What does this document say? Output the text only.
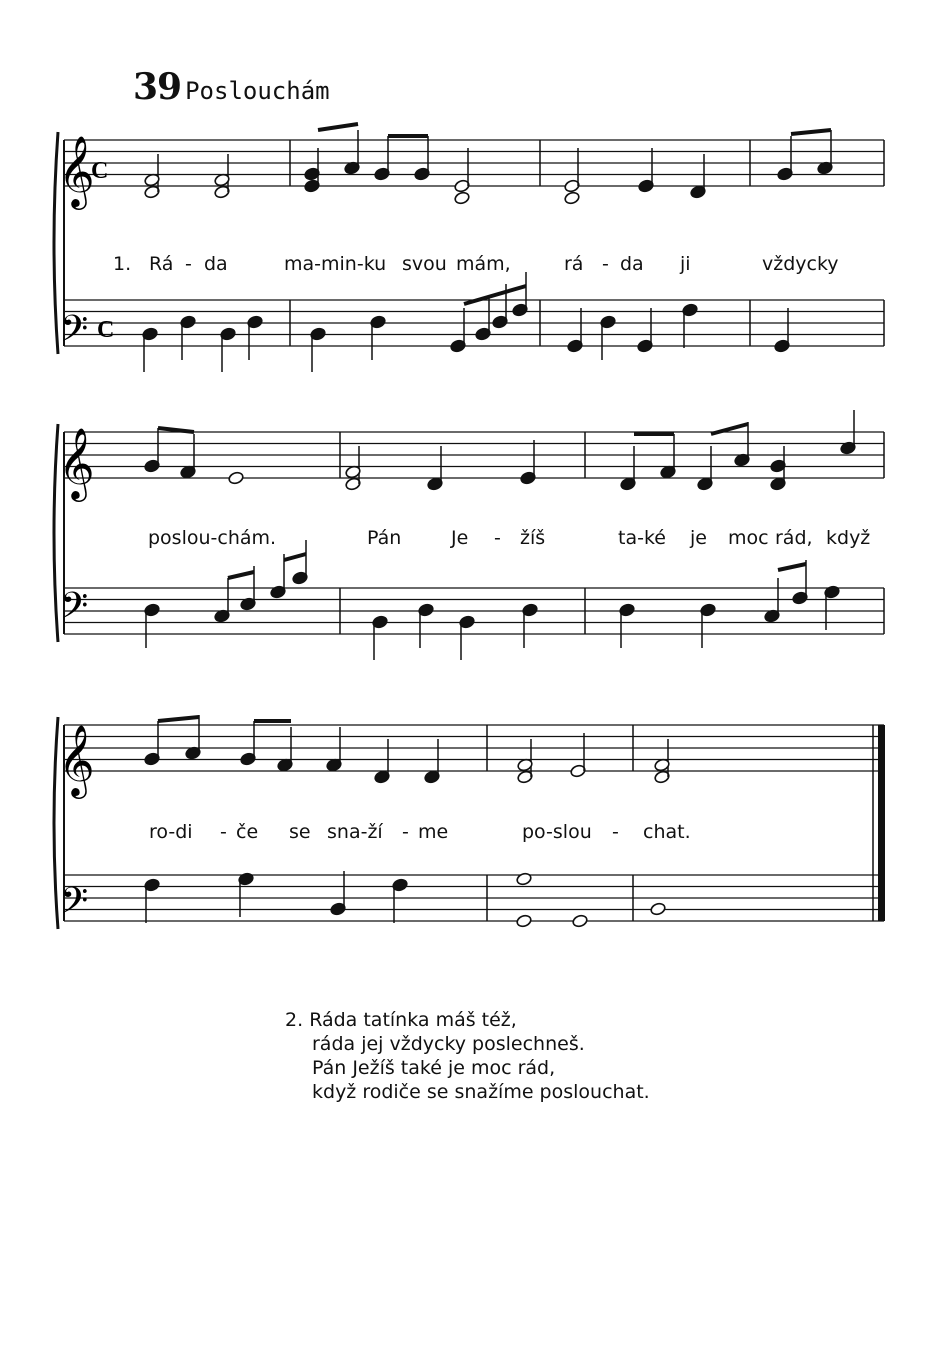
39 Poslouchám
𝄞
𝄢
𝄞
𝄢
𝄞
𝄢
C
C
1. Rá - da	ma-min-ku svou mám,	rá - da ji	vždycky
poslou-chám.	Pán	Je - žíš	ta-ké je moc rád, když
ro-di - če se sna-ží - me	po-slou - chat.
2. Ráda tatínka máš též,
ráda jej vždycky poslechneš.
Pán Ježíš také je moc rád,
když rodiče se snažíme poslouchat.
